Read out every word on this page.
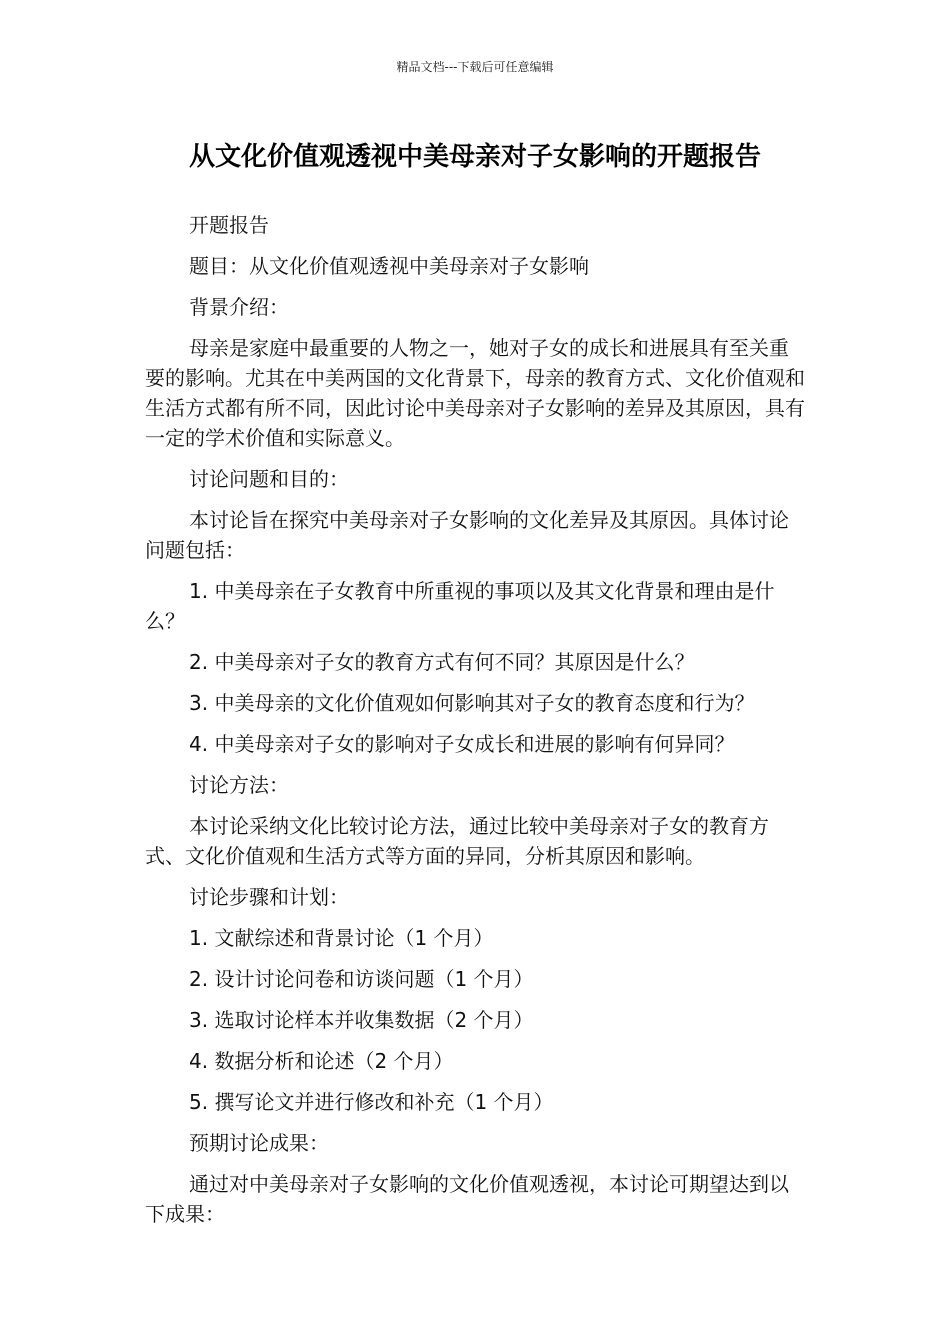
精品文档---下载后可任意编辑
从文化价值观透视中美母亲对子女影响的开题报告

开题报告

题目：从文化价值观透视中美母亲对子女影响

背景介绍：

母亲是家庭中最重要的人物之一，她对子女的成长和进展具有至关重要的影响。尤其在中美两国的文化背景下，母亲的教育方式、文化价值观和生活方式都有所不同，因此讨论中美母亲对子女影响的差异及其原因，具有一定的学术价值和实际意义。

讨论问题和目的：

本讨论旨在探究中美母亲对子女影响的文化差异及其原因。具体讨论问题包括：

1. 中美母亲在子女教育中所重视的事项以及其文化背景和理由是什么？

2. 中美母亲对子女的教育方式有何不同？其原因是什么？

3. 中美母亲的文化价值观如何影响其对子女的教育态度和行为？

4. 中美母亲对子女的影响对子女成长和进展的影响有何异同？

讨论方法：

本讨论采纳文化比较讨论方法，通过比较中美母亲对子女的教育方式、文化价值观和生活方式等方面的异同，分析其原因和影响。

讨论步骤和计划：

1. 文献综述和背景讨论（1 个月）

2. 设计讨论问卷和访谈问题（1 个月）

3. 选取讨论样本并收集数据（2 个月）

4. 数据分析和论述（2 个月）

5. 撰写论文并进行修改和补充（1 个月）

预期讨论成果：

通过对中美母亲对子女影响的文化价值观透视，本讨论可期望达到以下成果：
